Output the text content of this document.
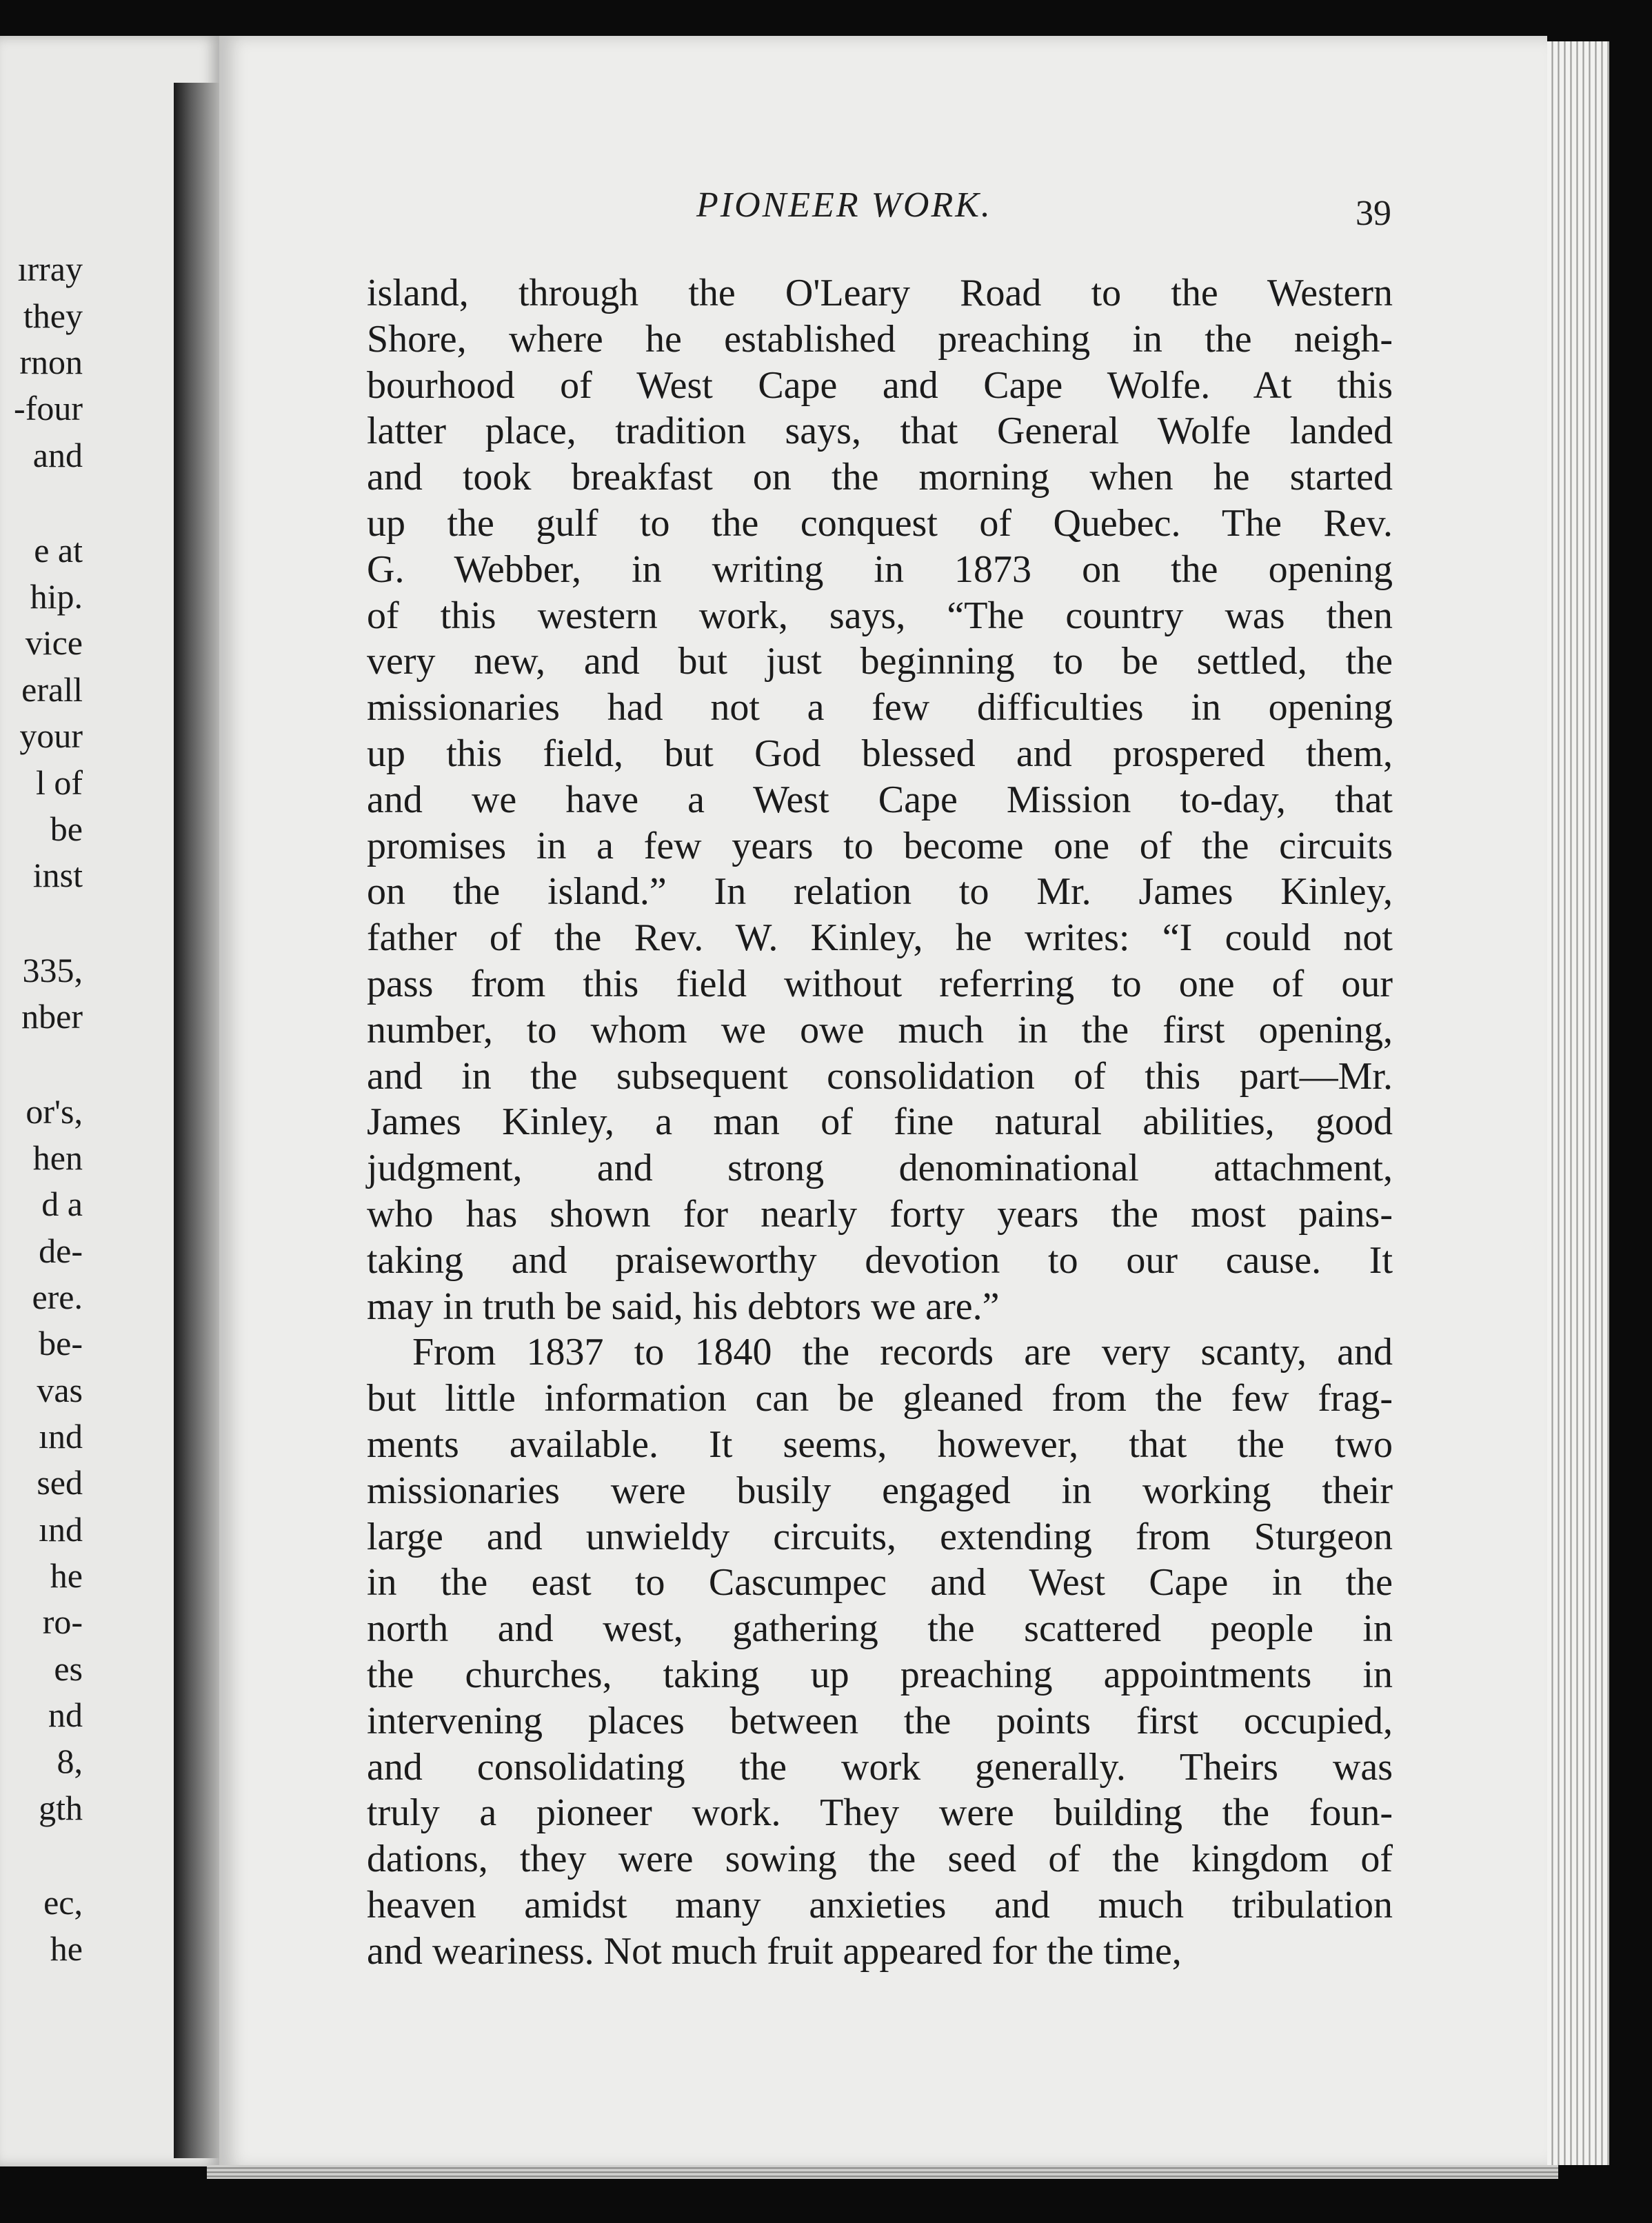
ırray
they
rnon
-four
and
e at
hip.
vice
erall
your
l of
be
inst
335,
nber
or's,
hen
d a
de-
ere.
be-
vas
ınd
sed
ınd
he
ro-
es
nd
8,
gth
ec,
he
PIONEER WORK.	39
island, through the O'Leary Road to the Western
Shore, where he established preaching in the neigh-
bourhood of West Cape and Cape Wolfe. At this
latter place, tradition says, that General Wolfe landed
and took breakfast on the morning when he started
up the gulf to the conquest of Quebec. The Rev.
G. Webber, in writing in 1873 on the opening
of this western work, says, “The country was then
very new, and but just beginning to be settled, the
missionaries had not a few difficulties in opening
up this field, but God blessed and prospered them,
and we have a West Cape Mission to-day, that
promises in a few years to become one of the circuits
on the island.” In relation to Mr. James Kinley,
father of the Rev. W. Kinley, he writes: “I could not
pass from this field without referring to one of our
number, to whom we owe much in the first opening,
and in the subsequent consolidation of this part—Mr.
James Kinley, a man of fine natural abilities, good
judgment, and strong denominational attachment,
who has shown for nearly forty years the most pains-
taking and praiseworthy devotion to our cause. It
may in truth be said, his debtors we are.”
From 1837 to 1840 the records are very scanty, and
but little information can be gleaned from the few frag-
ments available. It seems, however, that the two
missionaries were busily engaged in working their
large and unwieldy circuits, extending from Sturgeon
in the east to Cascumpec and West Cape in the
north and west, gathering the scattered people in
the churches, taking up preaching appointments in
intervening places between the points first occupied,
and consolidating the work generally. Theirs was
truly a pioneer work. They were building the foun-
dations, they were sowing the seed of the kingdom of
heaven amidst many anxieties and much tribulation
and weariness. Not much fruit appeared for the time,
